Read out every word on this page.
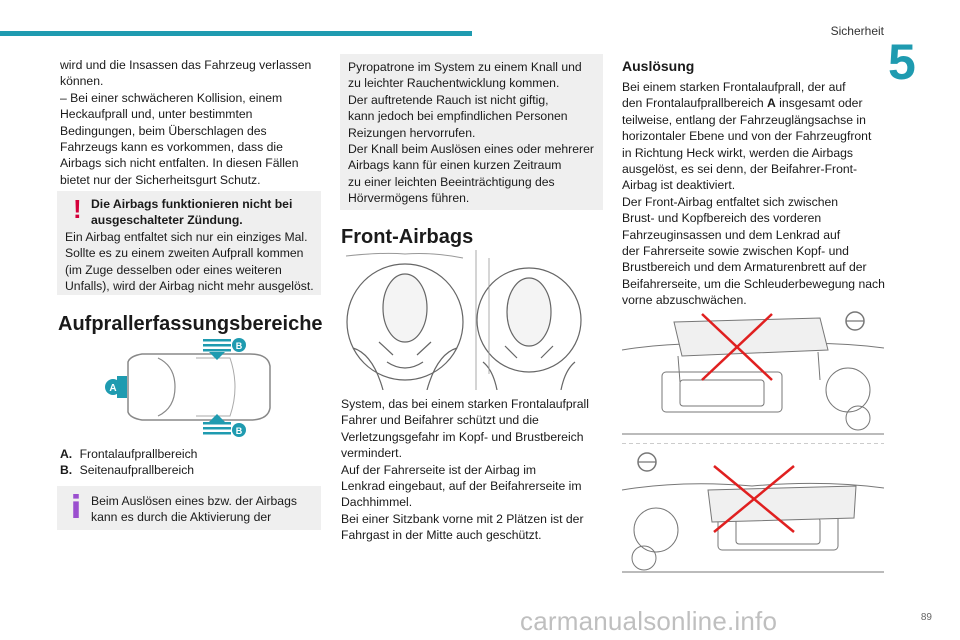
Sicherheit
5
wird und die Insassen das Fahrzeug verlassen
können.
– Bei einer schwächeren Kollision, einem
Heckaufprall und, unter bestimmten
Bedingungen, beim Überschlagen des
Fahrzeugs kann es vorkommen, dass die
Airbags sich nicht entfalten. In diesen Fällen
bietet nur der Sicherheitsgurt Schutz.
! Die Airbags funktionieren nicht bei
ausgeschalteter Zündung.
Ein Airbag entfaltet sich nur ein einziges Mal.
Sollte es zu einem zweiten Aufprall kommen
(im Zuge desselben oder eines weiteren
Unfalls), wird der Airbag nicht mehr ausgelöst.
Aufprallerfassungsbereiche
A
B
B
A. Frontalaufprallbereich
B. Seitenaufprallbereich
Beim Auslösen eines bzw. der Airbags
kann es durch die Aktivierung der
Pyropatrone im System zu einem Knall und
zu leichter Rauchentwicklung kommen.
Der auftretende Rauch ist nicht giftig,
kann jedoch bei empfindlichen Personen
Reizungen hervorrufen.
Der Knall beim Auslösen eines oder mehrerer
Airbags kann für einen kurzen Zeitraum
zu einer leichten Beeinträchtigung des
Hörvermögens führen.
Front-Airbags
System, das bei einem starken Frontalaufprall
Fahrer und Beifahrer schützt und die
Verletzungsgefahr im Kopf- und Brustbereich
vermindert.
Auf der Fahrerseite ist der Airbag im
Lenkrad eingebaut, auf der Beifahrerseite im
Dachhimmel.
Bei einer Sitzbank vorne mit 2 Plätzen ist der
Fahrgast in der Mitte auch geschützt.
Auslösung
Bei einem starken Frontalaufprall, der auf
den Frontalaufprallbereich A insgesamt oder
teilweise, entlang der Fahrzeuglängsachse in
horizontaler Ebene und von der Fahrzeugfront
in Richtung Heck wirkt, werden die Airbags
ausgelöst, es sei denn, der Beifahrer-Front-
Airbag ist deaktiviert.
Der Front-Airbag entfaltet sich zwischen
Brust- und Kopfbereich des vorderen
Fahrzeuginsassen und dem Lenkrad auf
der Fahrerseite sowie zwischen Kopf- und
Brustbereich und dem Armaturenbrett auf der
Beifahrerseite, um die Schleuderbewegung nach
vorne abzuschwächen.
carmanualsonline.info	89
